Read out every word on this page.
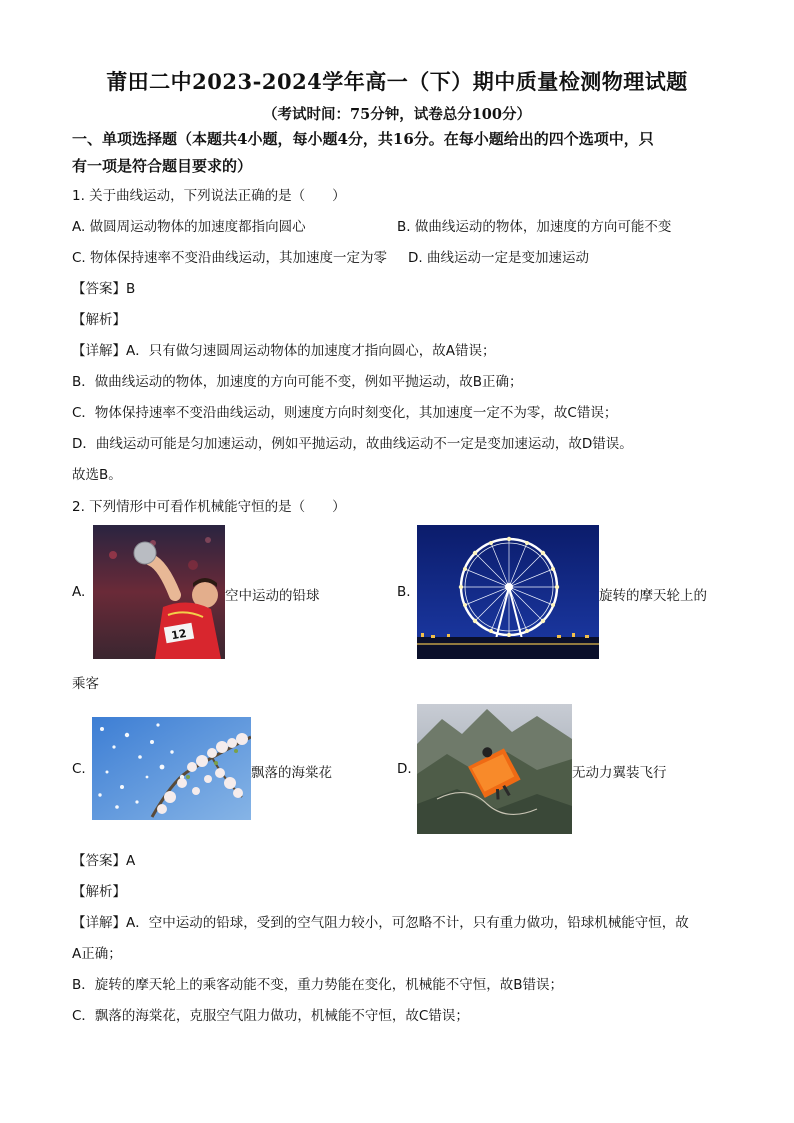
莆田二中2023-2024学年高一（下）期中质量检测物理试题
（考试时间：75分钟，试卷总分100分）
一、单项选择题（本题共4小题，每小题4分，共16分。在每小题给出的四个选项中，只
有一项是符合题目要求的）
1. 关于曲线运动，下列说法正确的是（　　）
A. 做圆周运动物体的加速度都指向圆心	B. 做曲线运动的物体，加速度的方向可能不变
C. 物体保持速率不变沿曲线运动，其加速度一定为零 D. 曲线运动一定是变加速运动
【答案】B
【解析】
【详解】A．只有做匀速圆周运动物体的加速度才指向圆心，故A错误；
B．做曲线运动的物体，加速度的方向可能不变，例如平抛运动，故B正确；
C．物体保持速率不变沿曲线运动，则速度方向时刻变化，其加速度一定不为零，故C错误；
D．曲线运动可能是匀加速运动，例如平抛运动，故曲线运动不一定是变加速运动，故D错误。
故选B。
2. 下列情形中可看作机械能守恒的是（　　）
A.
12
空中运动的铅球	B.	旋转的摩天轮上的
乘客
C.	飘落的海棠花	D.	无动力翼装飞行
【答案】A
【解析】
【详解】A．空中运动的铅球，受到的空气阻力较小，可忽略不计，只有重力做功，铅球机械能守恒，故
A正确；
B．旋转的摩天轮上的乘客动能不变，重力势能在变化，机械能不守恒，故B错误；
C．飘落的海棠花，克服空气阻力做功，机械能不守恒，故C错误；
